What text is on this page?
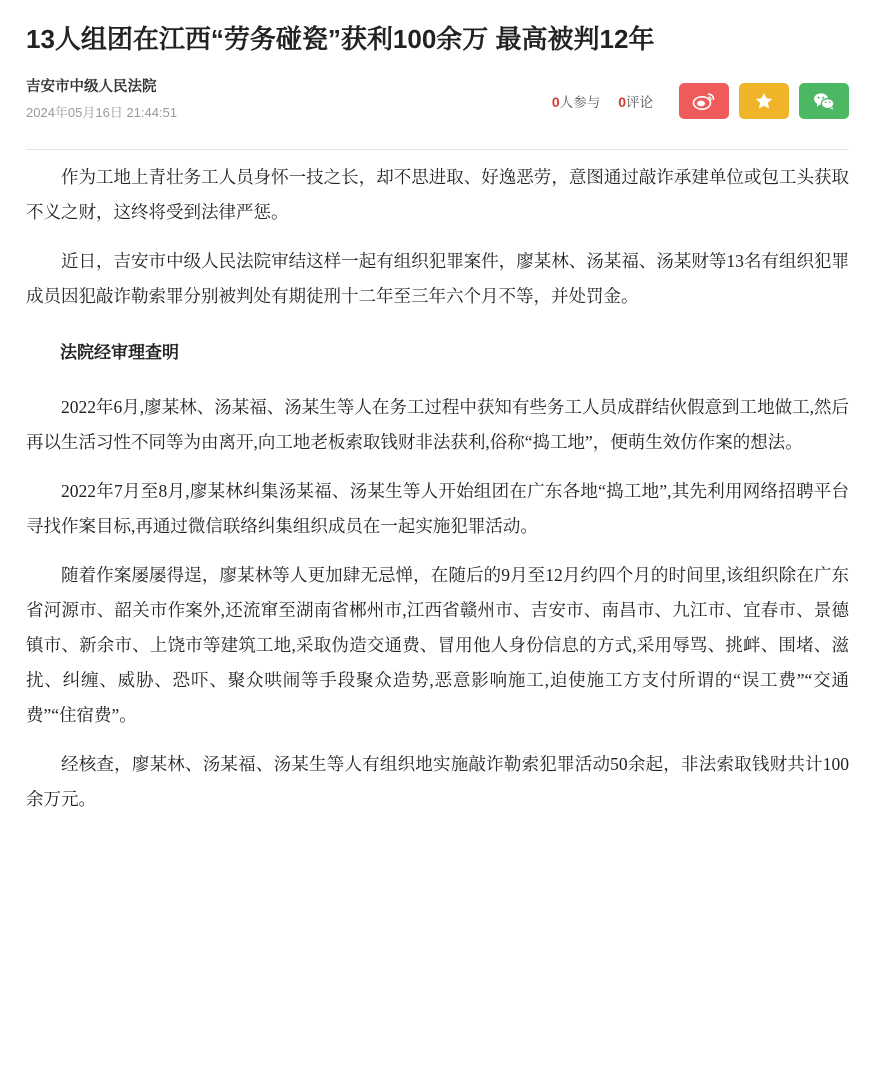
13人组团在江西“劳务碰瓷”获利100余万 最高被判12年
吉安市中级人民法院
2024年05月16日 21:44:51
0人参与 0评论

作为工地上青壮务工人员身怀一技之长，却不思进取、好逸恶劳，意图通过敲诈承建单位或包工头获取不义之财，这终将受到法律严惩。

近日，吉安市中级人民法院审结这样一起有组织犯罪案件，廖某林、汤某福、汤某财等13名有组织犯罪成员因犯敲诈勒索罪分别被判处有期徒刑十二年至三年六个月不等，并处罚金。

法院经审理查明

2022年6月,廖某林、汤某福、汤某生等人在务工过程中获知有些务工人员成群结伙假意到工地做工,然后再以生活习性不同等为由离开,向工地老板索取钱财非法获利,俗称“捣工地”，便萌生效仿作案的想法。

2022年7月至8月,廖某林纠集汤某福、汤某生等人开始组团在广东各地“捣工地”,其先利用网络招聘平台寻找作案目标,再通过微信联络纠集组织成员在一起实施犯罪活动。

随着作案屡屡得逞，廖某林等人更加肆无忌惮，在随后的9月至12月约四个月的时间里,该组织除在广东省河源市、韶关市作案外,还流窜至湖南省郴州市,江西省赣州市、吉安市、南昌市、九江市、宜春市、景德镇市、新余市、上饶市等建筑工地,采取伪造交通费、冒用他人身份信息的方式,采用辱骂、挑衅、围堵、滋扰、纠缠、威胁、恐吓、聚众哄闹等手段聚众造势,恶意影响施工,迫使施工方支付所谓的“误工费”“交通费”“住宿费”。

经核查，廖某林、汤某福、汤某生等人有组织地实施敲诈勒索犯罪活动50余起，非法索取钱财共计100余万元。
